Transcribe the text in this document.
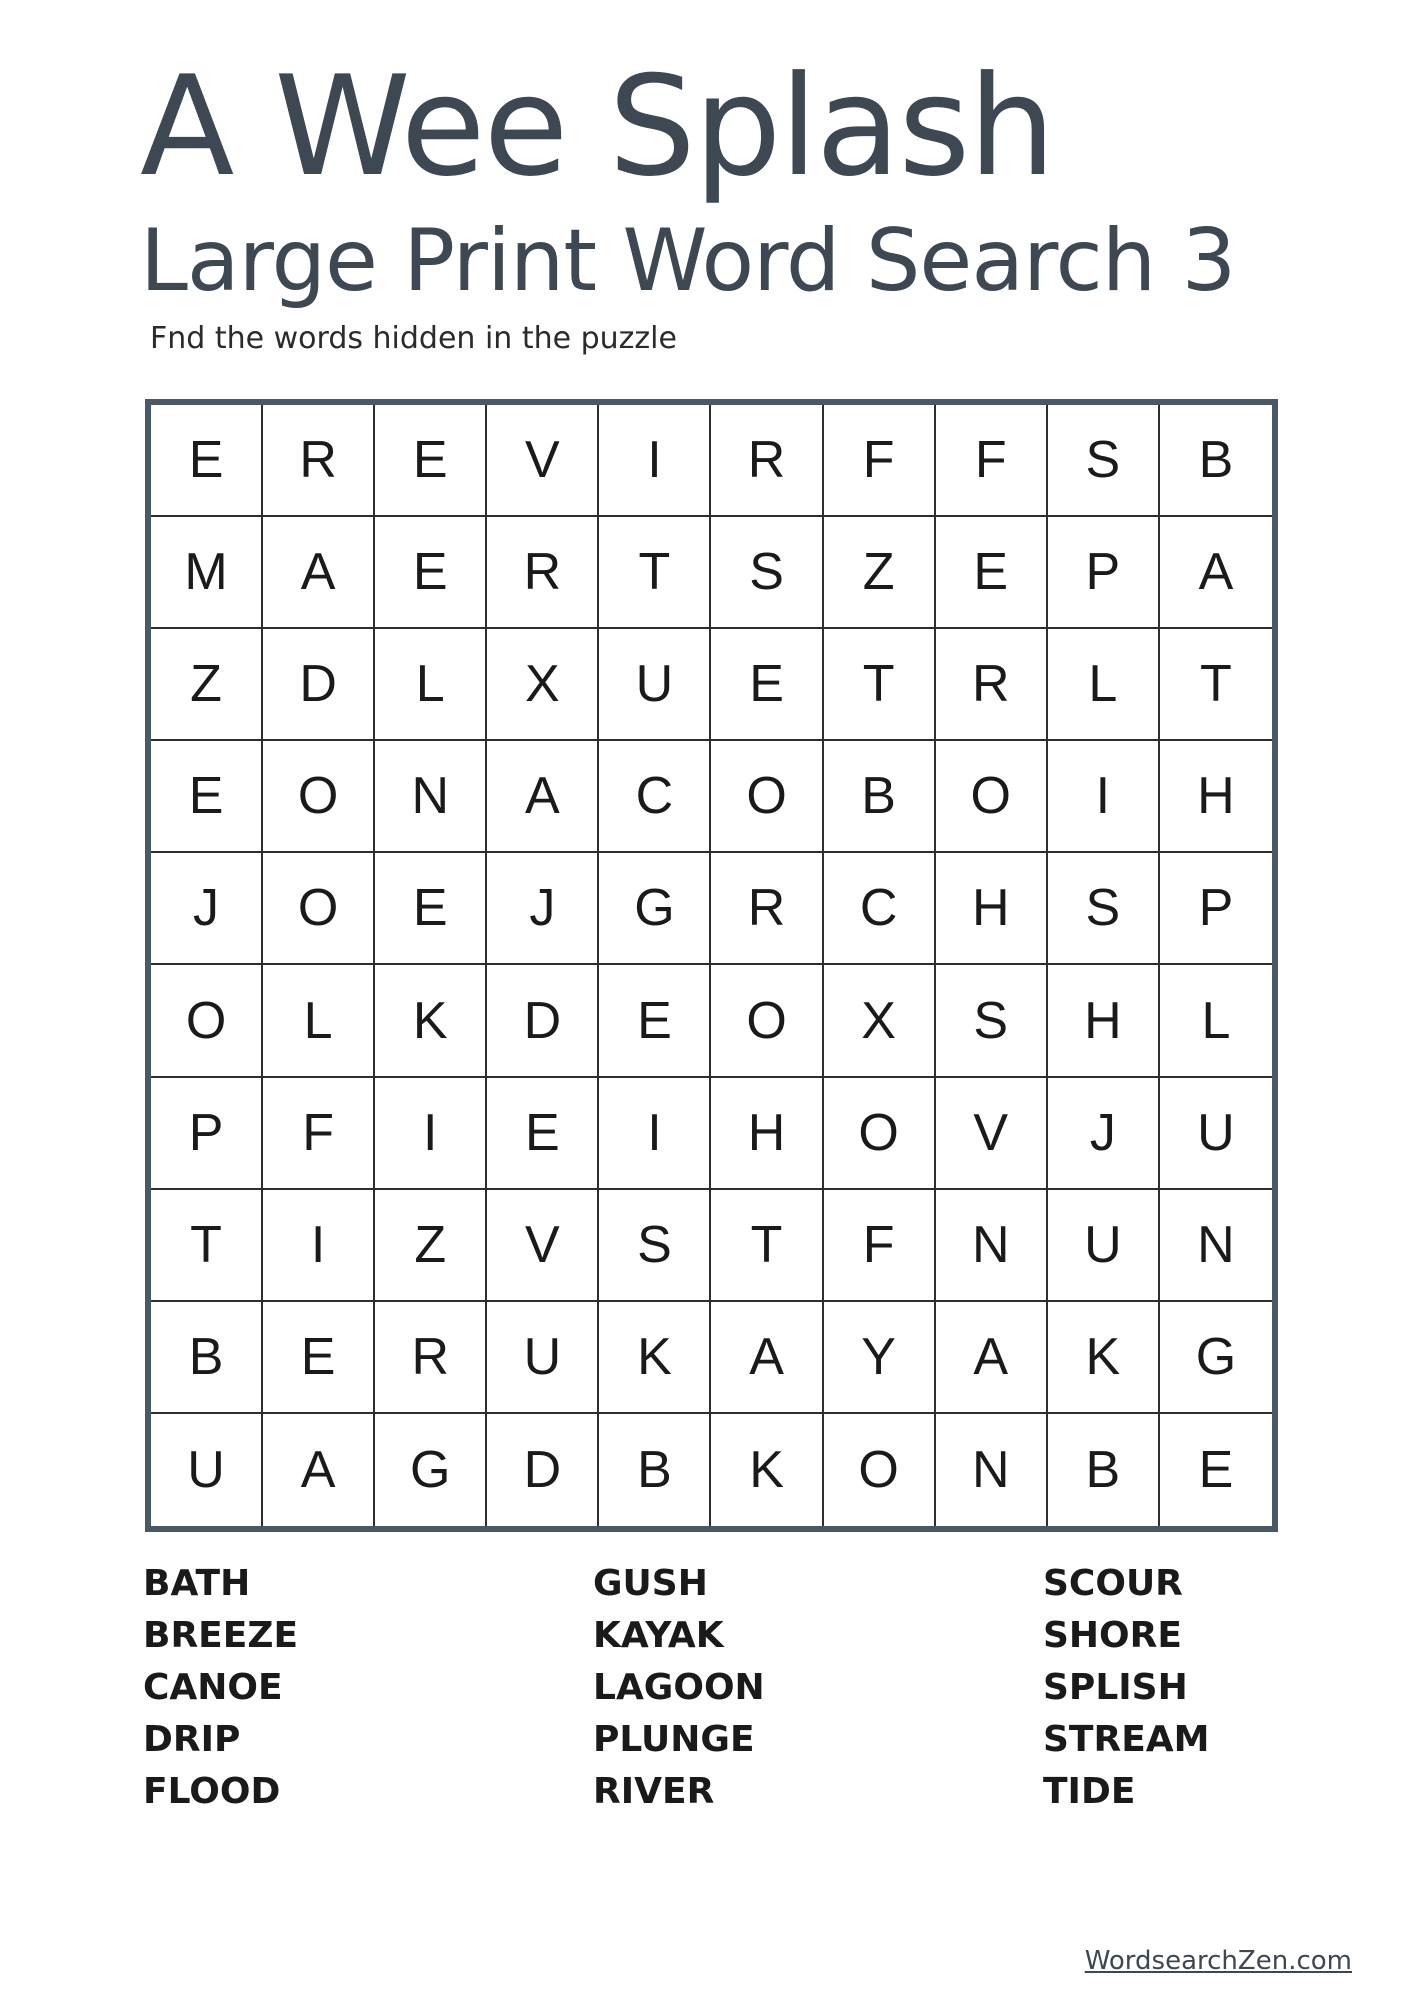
A Wee Splash
Large Print Word Search 3

Fnd the words hidden in the puzzle

E	R	E	V	I	R	F	F	S	B
M	A	E	R	T	S	Z	E	P	A
Z	D	L	X	U	E	T	R	L	T
E	O	N	A	C	O	B	O	I	H
J	O	E	J	G	R	C	H	S	P
O	L	K	D	E	O	X	S	H	L
P	F	I	E	I	H	O	V	J	U
T	I	Z	V	S	T	F	N	U	N
B	E	R	U	K	A	Y	A	K	G
U	A	G	D	B	K	O	N	B	E
BATH
BREEZE
CANOE
DRIP
FLOOD
GUSH
KAYAK
LAGOON
PLUNGE
RIVER
SCOUR
SHORE
SPLISH
STREAM
TIDE
WordsearchZen.com
